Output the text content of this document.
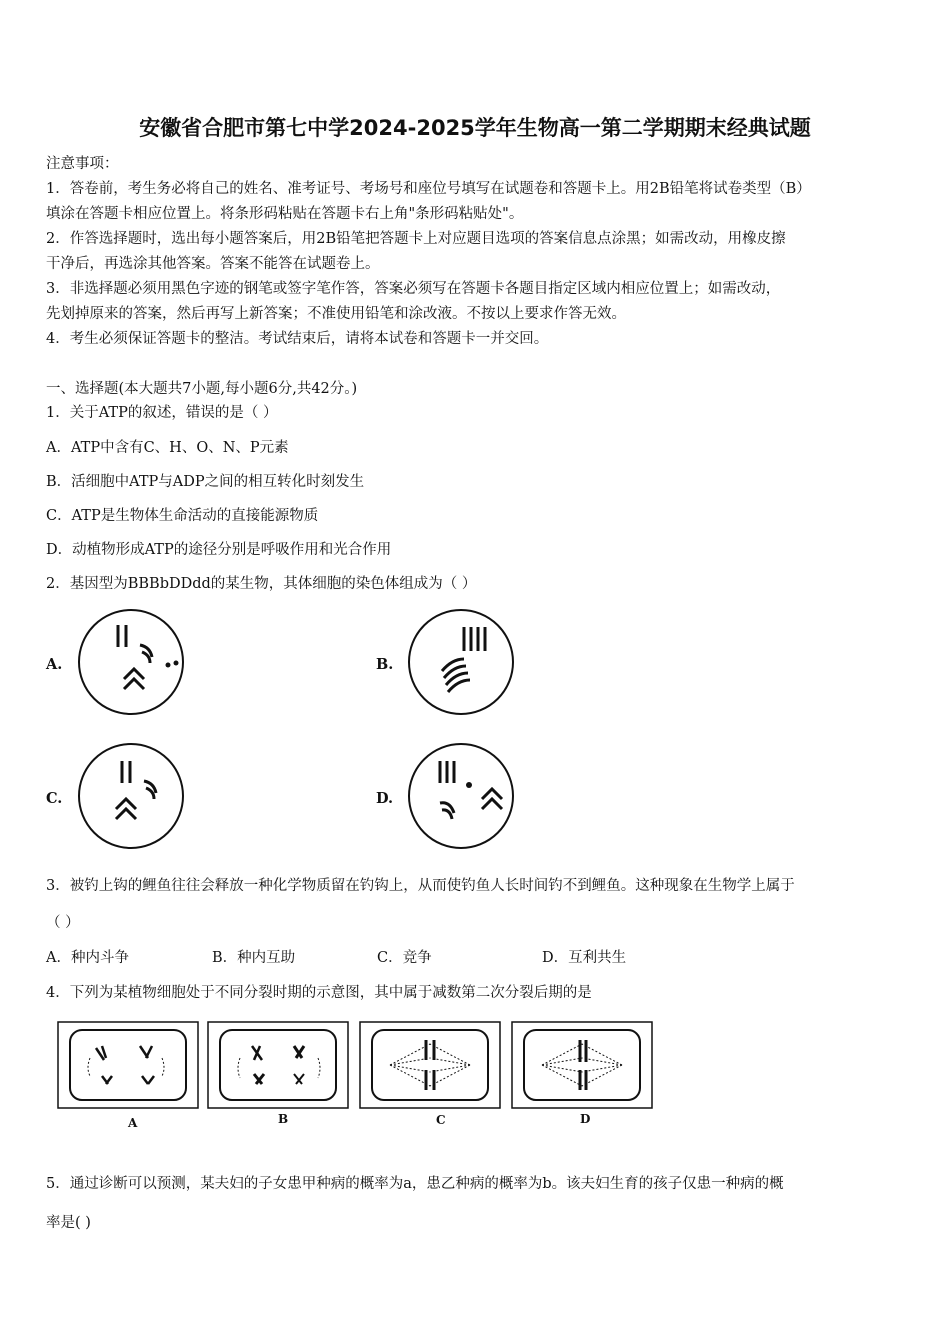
安徽省合肥市第七中学2024-2025学年生物高一第二学期期末经典试题
注意事项：
1．答卷前，考生务必将自己的姓名、准考证号、考场号和座位号填写在试题卷和答题卡上。用2B铅笔将试卷类型（B）
填涂在答题卡相应位置上。将条形码粘贴在答题卡右上角"条形码粘贴处"。
2．作答选择题时，选出每小题答案后，用2B铅笔把答题卡上对应题目选项的答案信息点涂黑；如需改动，用橡皮擦
干净后，再选涂其他答案。答案不能答在试题卷上。
3．非选择题必须用黑色字迹的钢笔或签字笔作答，答案必须写在答题卡各题目指定区域内相应位置上；如需改动，
先划掉原来的答案，然后再写上新答案；不准使用铅笔和涂改液。不按以上要求作答无效。
4．考生必须保证答题卡的整洁。考试结束后，请将本试卷和答题卡一并交回。
一、选择题(本大题共7小题,每小题6分,共42分。)
1．关于ATP的叙述，错误的是（ ）
A．ATP中含有C、H、O、N、P元素
B．活细胞中ATP与ADP之间的相互转化时刻发生
C．ATP是生物体生命活动的直接能源物质
D．动植物形成ATP的途径分别是呼吸作用和光合作用
2．基因型为BBBbDDdd的某生物，其体细胞的染色体组成为（ ）
A.	B.
C.	D.
3．被钓上钩的鲤鱼往往会释放一种化学物质留在钓钩上，从而使钓鱼人长时间钓不到鲤鱼。这种现象在生物学上属于
（ ）
A．种内斗争	B．种内互助	C．竞争	D．互利共生
4．下列为某植物细胞处于不同分裂时期的示意图，其中属于减数第二次分裂后期的是
A	B	C	D
5．通过诊断可以预测，某夫妇的子女患甲种病的概率为a，患乙种病的概率为b。该夫妇生育的孩子仅患一种病的概
率是( )
